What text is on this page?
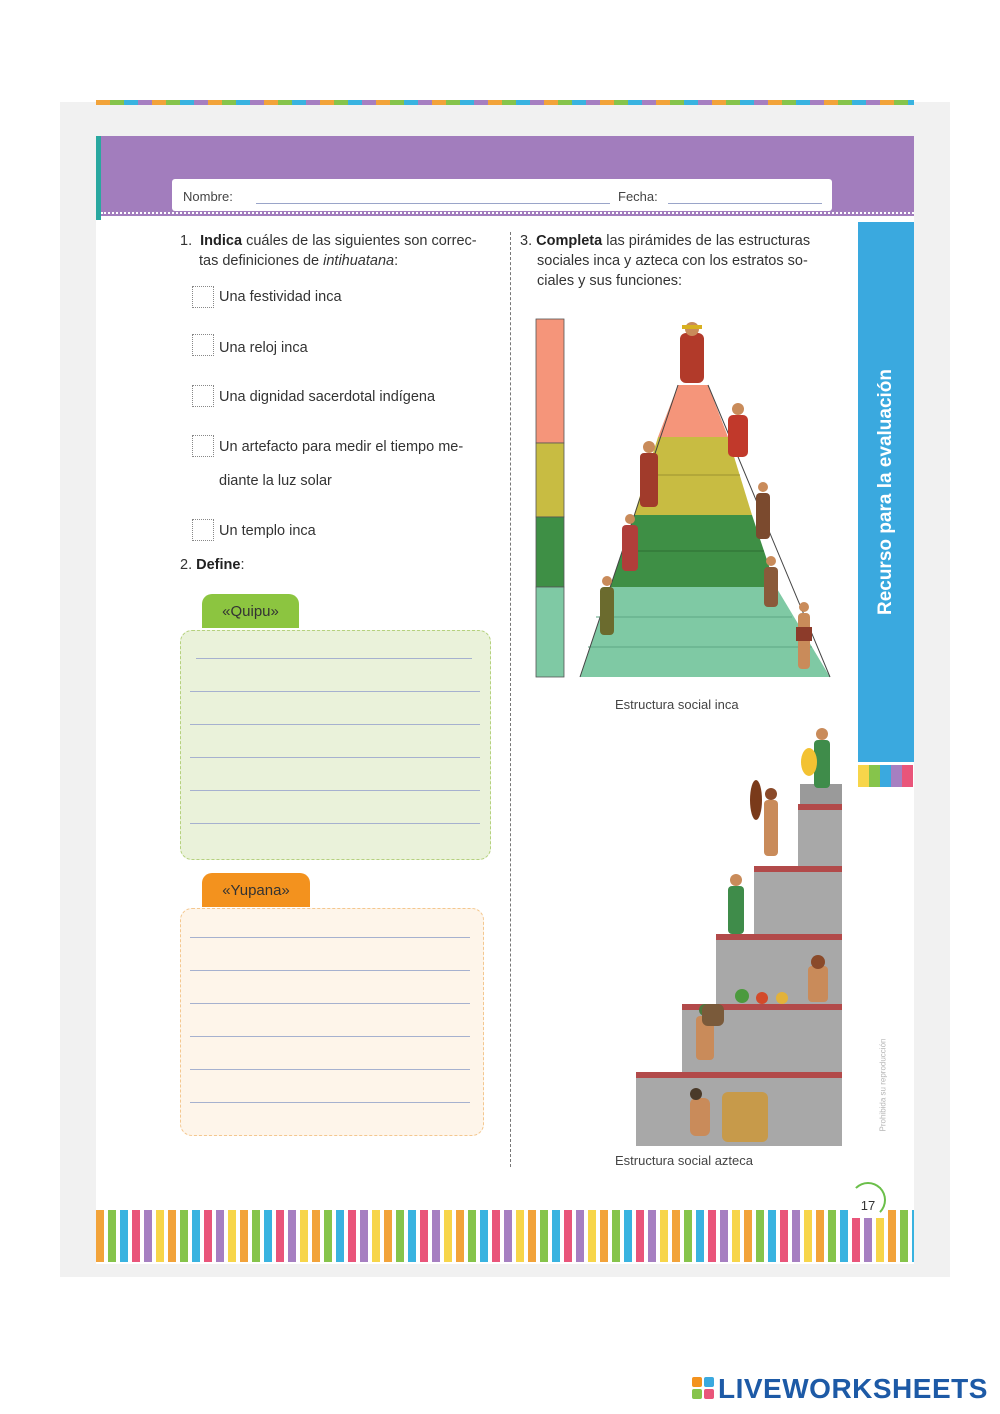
Nombre:	Fecha:
Recurso para la evaluación
Prohibida su reproducción
1. Indica cuáles de las siguientes son correc-
tas definiciones de intihuatana:
Una festividad inca
Una reloj inca
Una dignidad sacerdotal indígena
Un artefacto para medir el tiempo me-
diante la luz solar
Un templo inca
2. Define:
«Quipu»
«Yupana»
3. Completa las pirámides de las estructuras
sociales inca y azteca con los estratos so-
ciales y sus funciones:
Estructura social inca
Estructura social azteca
17
LIVEWORKSHEETS
